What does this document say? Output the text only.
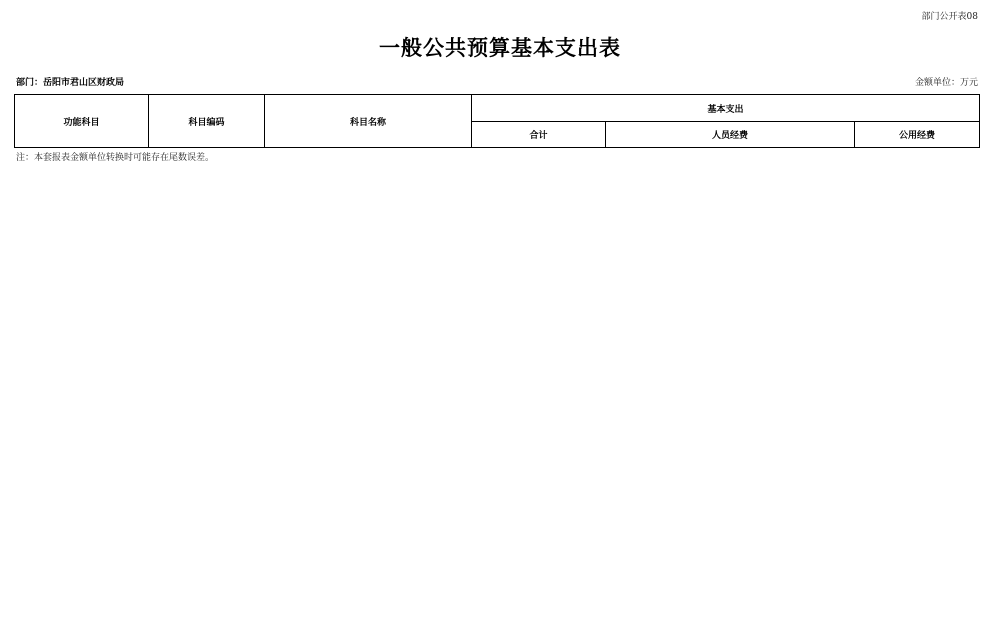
部门公开表08
一般公共预算基本支出表
部门：岳阳市君山区财政局	金额单位：万元
功能科目	科目编码	科目名称	基本支出		
			合计	人员经费	公用经费
注：本套报表金额单位转换时可能存在尾数误差。
